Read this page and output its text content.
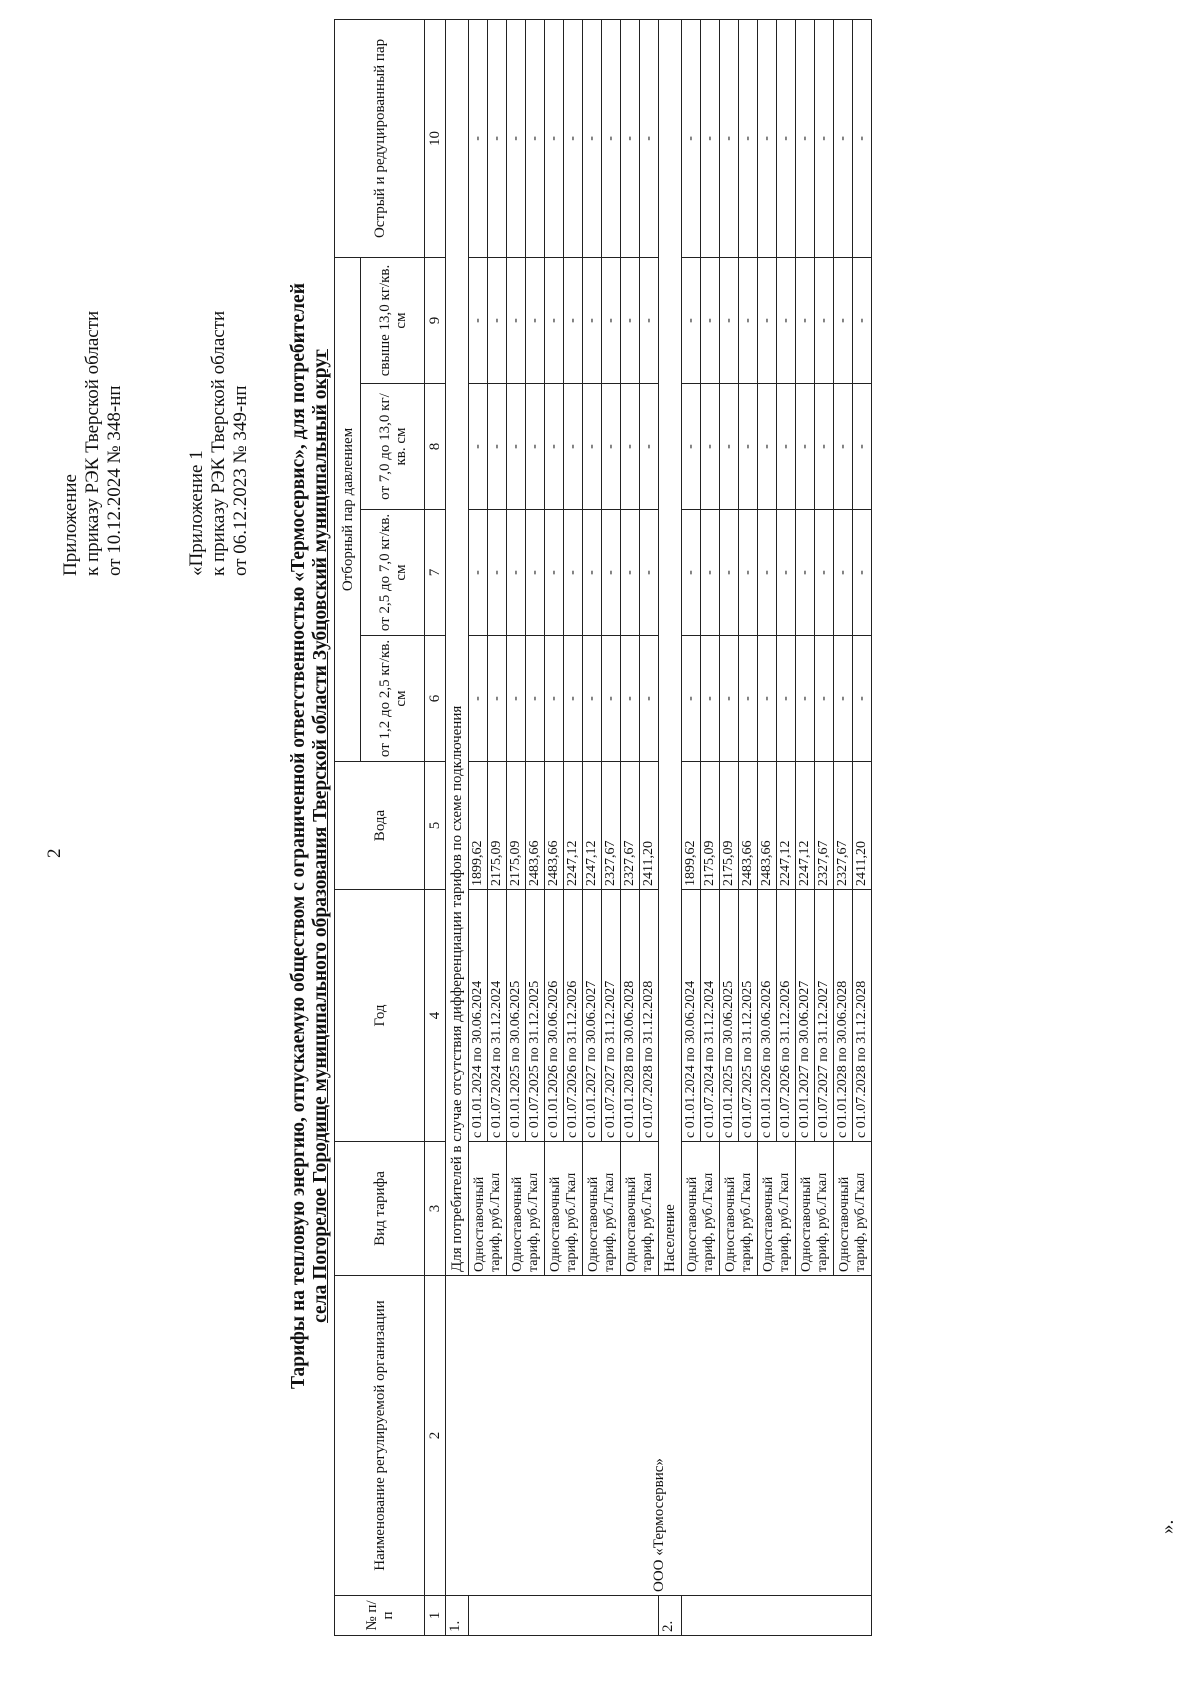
2
Приложение к приказу РЭК Тверской области от 10.12.2024 № 348-нп	«Приложение 1 к приказу РЭК Тверской области от 06.12.2023 № 349-нп Тарифы на тепловую энергию, отпускаемую обществом с ограниченной ответственностью «Термосервис», для потребителей села Погорелое Городище муниципального образования Тверской области Зубцовский муниципальный округ
№ п/п	Наименование регулируемой организации	Вид тарифа	Год	Вода	Отборный пар давлением				Острый и редуцированный пар
					от 1,2 до 2,5 кг/кв. см	от 2,5 до 7,0 кг/кв. см	от 7,0 до 13,0 кг/кв. см	свыше 13,0 кг/кв. см	
1	2	3	4	5	6	7	8	9	10
1.	ООО «Термосервис»	Для потребителей в случае отсутствия дифференциации тарифов по схеме подключения							
		Одноставочный тариф, руб./Гкал	с 01.01.2024 по 30.06.2024	1899,62	-	-	-	-	-
			с 01.07.2024 по 31.12.2024	2175,09	-	-	-	-	-
		Одноставочный тариф, руб./Гкал	с 01.01.2025 по 30.06.2025	2175,09	-	-	-	-	-
			с 01.07.2025 по 31.12.2025	2483,66	-	-	-	-	-
		Одноставочный тариф, руб./Гкал	с 01.01.2026 по 30.06.2026	2483,66	-	-	-	-	-
			с 01.07.2026 по 31.12.2026	2247,12	-	-	-	-	-
		Одноставочный тариф, руб./Гкал	с 01.01.2027 по 30.06.2027	2247,12	-	-	-	-	-
			с 01.07.2027 по 31.12.2027	2327,67	-	-	-	-	-
		Одноставочный тариф, руб./Гкал	с 01.01.2028 по 30.06.2028	2327,67	-	-	-	-	-
			с 01.07.2028 по 31.12.2028	2411,20	-	-	-	-	-
2.		Население							
		Одноставочный тариф, руб./Гкал	с 01.01.2024 по 30.06.2024	1899,62	-	-	-	-	-
			с 01.07.2024 по 31.12.2024	2175,09	-	-	-	-	-
		Одноставочный тариф, руб./Гкал	с 01.01.2025 по 30.06.2025	2175,09	-	-	-	-	-
			с 01.07.2025 по 31.12.2025	2483,66	-	-	-	-	-
		Одноставочный тариф, руб./Гкал	с 01.01.2026 по 30.06.2026	2483,66	-	-	-	-	-
			с 01.07.2026 по 31.12.2026	2247,12	-	-	-	-	-
		Одноставочный тариф, руб./Гкал	с 01.01.2027 по 30.06.2027	2247,12	-	-	-	-	-
			с 01.07.2027 по 31.12.2027	2327,67	-	-	-	-	-
		Одноставочный тариф, руб./Гкал	с 01.01.2028 по 30.06.2028	2327,67	-	-	-	-	-
			с 01.07.2028 по 31.12.2028	2411,20	-	-	-	-	-
».
